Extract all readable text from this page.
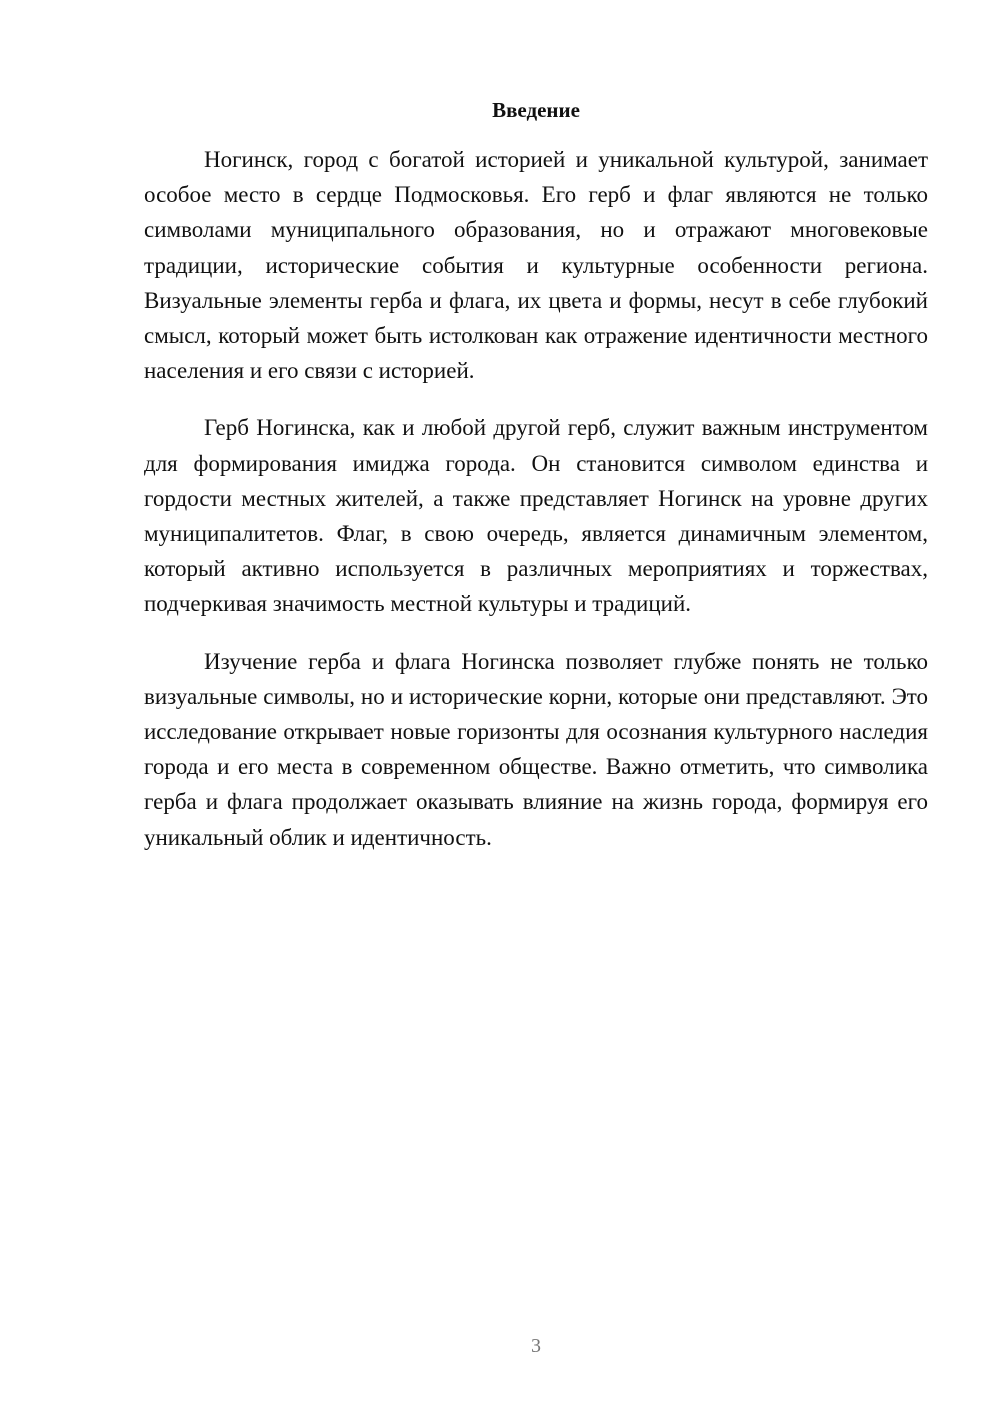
Введение

Ногинск, город с богатой историей и уникальной культурой, занимает особое место в сердце Подмосковья. Его герб и флаг являются не только символами муниципального образования, но и отражают многовековые традиции, исторические события и культурные особенности региона. Визуальные элементы герба и флага, их цвета и формы, несут в себе глубокий смысл, который может быть истолкован как отражение идентичности местного населения и его связи с историей.

Герб Ногинска, как и любой другой герб, служит важным инструментом для формирования имиджа города. Он становится символом единства и гордости местных жителей, а также представляет Ногинск на уровне других муниципалитетов. Флаг, в свою очередь, является динамичным элементом, который активно используется в различных мероприятиях и торжествах, подчеркивая значимость местной культуры и традиций.

Изучение герба и флага Ногинска позволяет глубже понять не только визуальные символы, но и исторические корни, которые они представляют. Это исследование открывает новые горизонты для осознания культурного наследия города и его места в современном обществе. Важно отметить, что символика герба и флага продолжает оказывать влияние на жизнь города, формируя его уникальный облик и идентичность.

3
